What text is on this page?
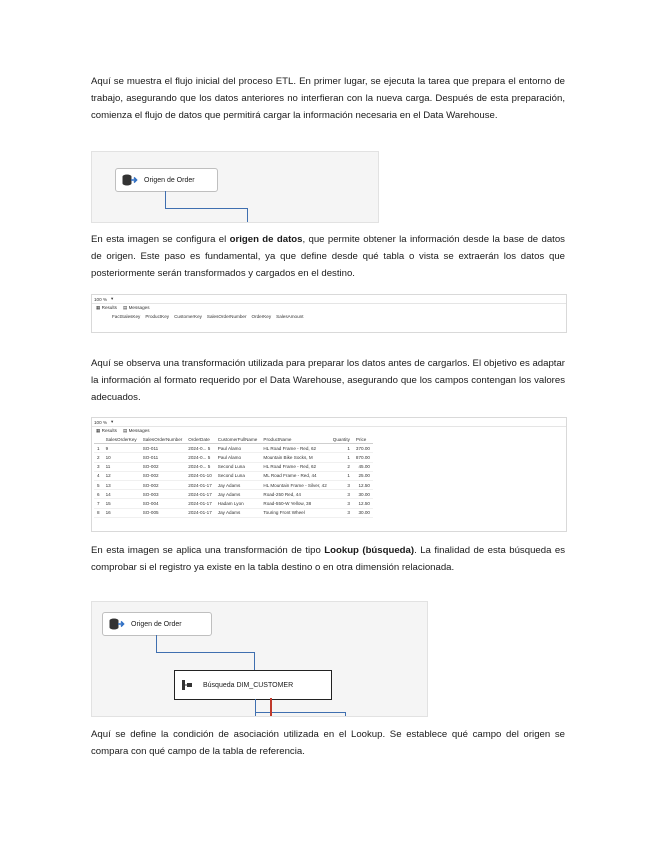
Aquí se muestra el flujo inicial del proceso ETL. En primer lugar, se ejecuta la tarea que prepara el entorno de trabajo, asegurando que los datos anteriores no interfieran con la nueva carga. Después de esta preparación, comienza el flujo de datos que permitirá cargar la información necesaria en el Data Warehouse.
Origen de Order
En esta imagen se configura el origen de datos, que permite obtener la información desde la base de datos de origen. Este paso es fundamental, ya que define desde qué tabla o vista se extraerán los datos que posteriormente serán transformados y cargados en el destino.
100 % ▾
▦ Results ▤ Messages
FactSalesKey ProductKey CustomerKey SalesOrderNumber OrderKey SalesAmount
Aquí se observa una transformación utilizada para preparar los datos antes de cargarlos. El objetivo es adaptar la información al formato requerido por el Data Warehouse, asegurando que los campos contengan los valores adecuados.
100 % ▾
▦ Results ▤ Messages
	SalesOrderKey	SalesOrderNumber	OrderDate	CustomerFullName	ProductName	Quantity	Price
1	9	SO-011	2024-0... 5	Paul Alamo	HL Road Frame - Red, 62	1	370.00
2	10	SO-011	2024-0... 5	Paul Alamo	Mountain Bike Socks, M	1	870.00
3	11	SO-002	2024-0... 5	Second Luna	HL Road Frame - Red, 62	2	45.00
4	12	SO-002	2024-01-10	Second Luna	ML Road Frame - Red, 44	1	25.00
5	13	SO-002	2024-01-17	Jay Adams	HL Mountain Frame - Silver, 42	3	12.50
6	14	SO-003	2024-01-17	Jay Adams	Road-250 Red, 44	3	30.00
7	15	SO-004	2024-01-17	Hadam Lyon	Road-550-W Yellow, 38	3	12.50
8	16	SO-005	2024-01-17	Jay Adams	Touring Front Wheel	3	30.00
En esta imagen se aplica una transformación de tipo Lookup (búsqueda). La finalidad de esta búsqueda es comprobar si el registro ya existe en la tabla destino o en otra dimensión relacionada.
Origen de Order
Búsqueda DIM_CUSTOMER
Aquí se define la condición de asociación utilizada en el Lookup. Se establece qué campo del origen se compara con qué campo de la tabla de referencia.
